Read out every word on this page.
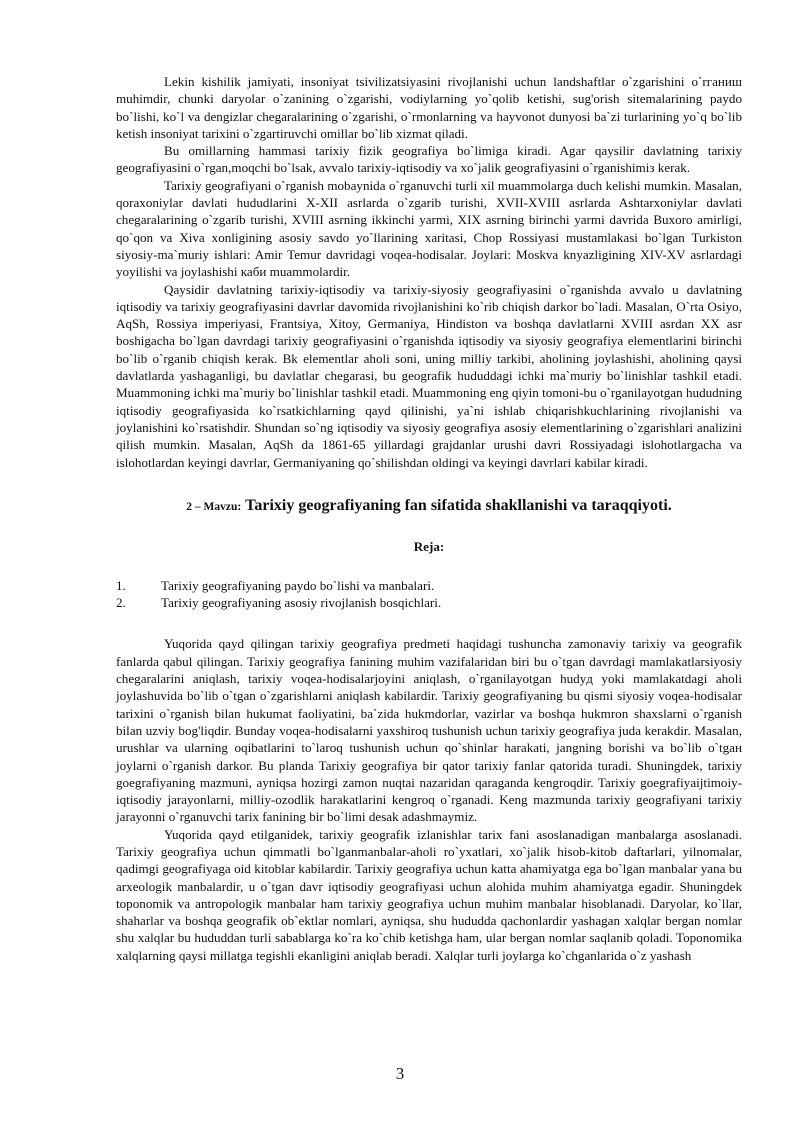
Lekin kishilik jamiyati, insoniyat tsivilizatsiyasini rivojlanishi uchun landshaftlar o`zgarishini o`rганиш muhimdir, chunki daryolar o`zanining o`zgarishi, vodiylarning yo`qolib ketishi, sug'orish sitemalarining paydo bo`lishi, ko`l va dengizlar chegaralarining o`zgarishi, o`rmonlarning va hayvonot dunyosi ba`zi turlarining yo`q bo`lib ketish insoniyat tarixini o`zgartiruvchi omillar bo`lib xizmat qiladi.

Bu omillarning hammasi tarixiy fizik geografiya bo`limiga kiradi. Agar qaysilir davlatning tarixiy geografiyasini o`rgan,moqchi bo`lsak, avvalo tarixiy-iqtisodiy va xo`jalik geografiyasini o`rganishimiз kerak.

Tarixiy geografiyani o`rganish mobaynida o`rganuvchi turli xil muammolarga duch kelishi mumkin. Masalan, qoraxoniylar davlati hududlarini X-XII asrlarda o`zgarib turishi, XVII-XVIII asrlarda Ashtarxoniylar davlati chegaralarining o`zgarib turishi, XVIII asrning ikkinchi yarmi, XIX asrning birinchi yarmi davrida Buxoro amirligi, qo`qon va Xiva xonligining asosiy savdo yo`llarining xaritasi, Chop Rossiyasi mustamlakasi bo`lgan Turkiston siyosiy-ma`muriy ishlari: Amir Temur davridagi voqea-hodisalar. Joylari: Moskva knyazligining XIV-XV asrlardagi yoyilishi va joylashishi каби muammolardir.

Qaysidir davlatning tarixiy-iqtisodiy va tarixiy-siyosiy geografiyasini o`rganishda avvalo u davlatning iqtisodiy va tarixiy geografiyasini davrlar davomida rivojlanishini ko`rib chiqish darkor bo`ladi. Masalan, O`rta Osiyo, AqSh, Rossiya imperiyasi, Frantsiya, Xitoy, Germaniya, Hindiston va boshqa davlatlarni XVIII asrdan XX asr boshigacha bo`lgan davrdagi tarixiy geografiyasini o`rganishda iqtisodiy va siyosiy geografiya elementlarini birinchi bo`lib o`rganib chiqish kerak. Bk elementlar aholi soni, uning milliy tarkibi, aholining joylashishi, aholining qaysi davlatlarda yashaganligi, bu davlatlar chegarasi, bu geografik hududdagi ichki ma`muriy bo`linishlar tashkil etadi. Muammoning ichki ma`muriy bo`linishlar tashkil etadi. Muammoning eng qiyin tomoni-bu o`rganilayotgan hududning iqtisodiy geografiyasida ko`rsatkichlarning qayd qilinishi, ya`ni ishlab chiqarishkuchlarining rivojlanishi va joylanishini ko`rsatishdir. Shundan so`ng iqtisodiy va siyosiy geografiya asosiy elementlarining o`zgarishlari analizini qilish mumkin. Masalan, AqSh da 1861-65 yillardagi grajdanlar urushi davri Rossiyadagi islohotlargacha va islohotlardan keyingi davrlar, Germaniyaning qo`shilishdan oldingi va keyingi davrlari kabilar kiradi.

2 – Mavzu: Tarixiy geografiyaning fan sifatida shakllanishi va taraqqiyoti.
Reja:
1.	Tarixiy geografiyaning paydo bo`lishi va manbalari.
2.	Tarixiy geografiyaning asosiy rivojlanish bosqichlari.

Yuqorida qayd qilingan tarixiy geografiya predmeti haqidagi tushuncha zamonaviy tarixiy va geografik fanlarda qabul qilingan. Tarixiy geografiya fanining muhim vazifalaridan biri bu o`tgan davrdagi mamlakatlarsiyosiy chegaralarini aniqlash, tarixiy voqea-hodisalarjoyini aniqlash, o`rganilayotgan hudyд yoki mamlakatdagi aholi joylashuvida bo`lib o`tgan o`zgarishlarni aniqlash kabilardir. Tarixiy geografiyaning bu qismi siyosiy voqea-hodisalar tarixini o`rganish bilan hukumat faoliyatini, ba`zida hukmdorlar, vazirlar va boshqa hukmron shaxslarni o`rganish bilan uzviy bog'liqdir. Bunday voqea-hodisalarni yaxshiroq tushunish uchun tarixiy geografiya juda kerakdir. Masalan, urushlar va ularning oqibatlarini to`laroq tushunish uchun qo`shinlar harakati, jangning borishi va bo`lib o`tgaн joylarni o`rganish darkor. Bu planda Tarixiy geografiya bir qator tarixiy fanlar qatorida turadi. Shuningdek, tarixiy goegrafiyaning mazmuni, ayniqsa hozirgi zamon nuqtai nazaridan qaraganda kengroqdir. Tarixiy goegrafiyaijtimoiy-iqtisodiy jarayonlarni, milliy-ozodlik harakatlarini kengroq o`rganadi. Keng mazmunda tarixiy geografiyani tarixiy jarayonni o`rganuvchi tarix fanining bir bo`limi desak adashmaymiz.

Yuqorida qayd etilganidek, tarixiy geografik izlanishlar tarix fani asoslanadigan manbalarga asoslanadi. Tarixiy geografiya uchun qimmatli bo`lganmanbalar-aholi ro`yxatlari, xo`jalik hisob-kitob daftarlari, yilnomalar, qadimgi geografiyaga oid kitoblar kabilardir. Tarixiy geografiya uchun katta ahamiyatga ega bo`lgan manbalar yana bu arxeologik manbalardir, u o`tgan davr iqtisodiy geografiyasi uchun alohida muhim ahamiyatga egadir. Shuningdek toponomik va antropologik manbalar ham tarixiy geografiya uchun muhim manbalar hisoblanadi. Daryolar, ko`llar, shaharlar va boshqa geografik ob`ektlar nomlari, ayniqsa, shu hududda qachonlardir yashagan xalqlar bergan nomlar shu xalqlar bu hududdan turli sabablarga ko`ra ko`chib ketishga ham, ular bergan nomlar saqlanib qoladi. Toponomika xalqlarning qaysi millatga tegishli ekanligini aniqlab beradi. Xalqlar turli joylarga ko`chganlarida o`z yashash

3
